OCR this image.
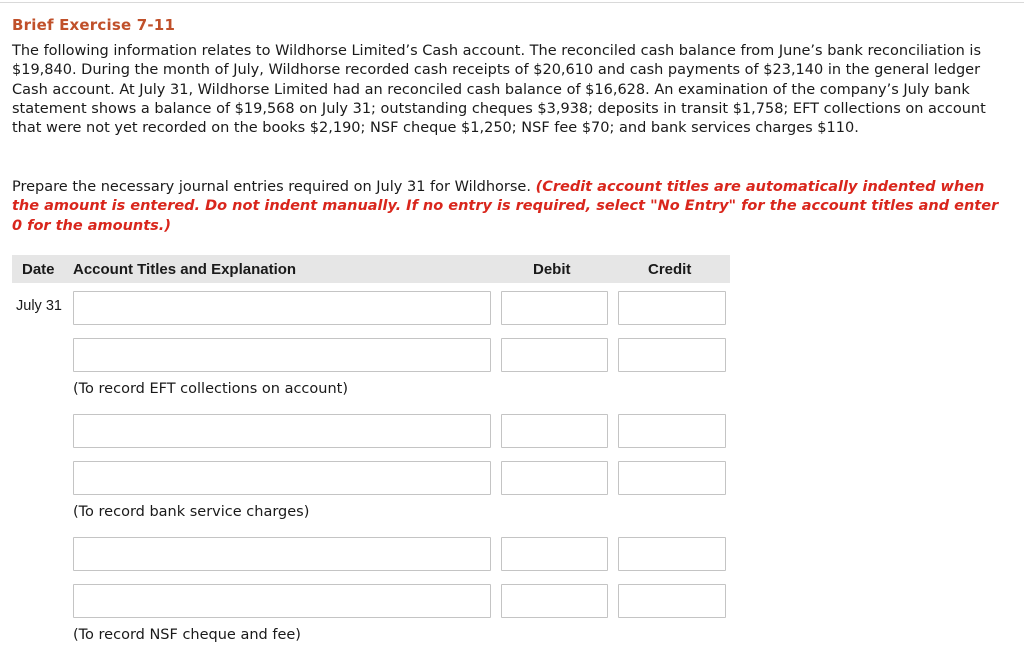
Brief Exercise 7-11

The following information relates to Wildhorse Limited’s Cash account. The reconciled cash balance from June’s bank reconciliation is $19,840. During the month of July, Wildhorse recorded cash receipts of $20,610 and cash payments of $23,140 in the general ledger Cash account. At July 31, Wildhorse Limited had an reconciled cash balance of $16,628. An examination of the company’s July bank statement shows a balance of $19,568 on July 31; outstanding cheques $3,938; deposits in transit $1,758; EFT collections on account that were not yet recorded on the books $2,190; NSF cheque $1,250; NSF fee $70; and bank services charges $110.

Prepare the necessary journal entries required on July 31 for Wildhorse. (Credit account titles are automatically indented when the amount is entered. Do not indent manually. If no entry is required, select "No Entry" for the account titles and enter 0 for the amounts.)

Date Account Titles and Explanation	Debit	Credit
July 31
(To record EFT collections on account)
(To record bank service charges)
(To record NSF cheque and fee)
